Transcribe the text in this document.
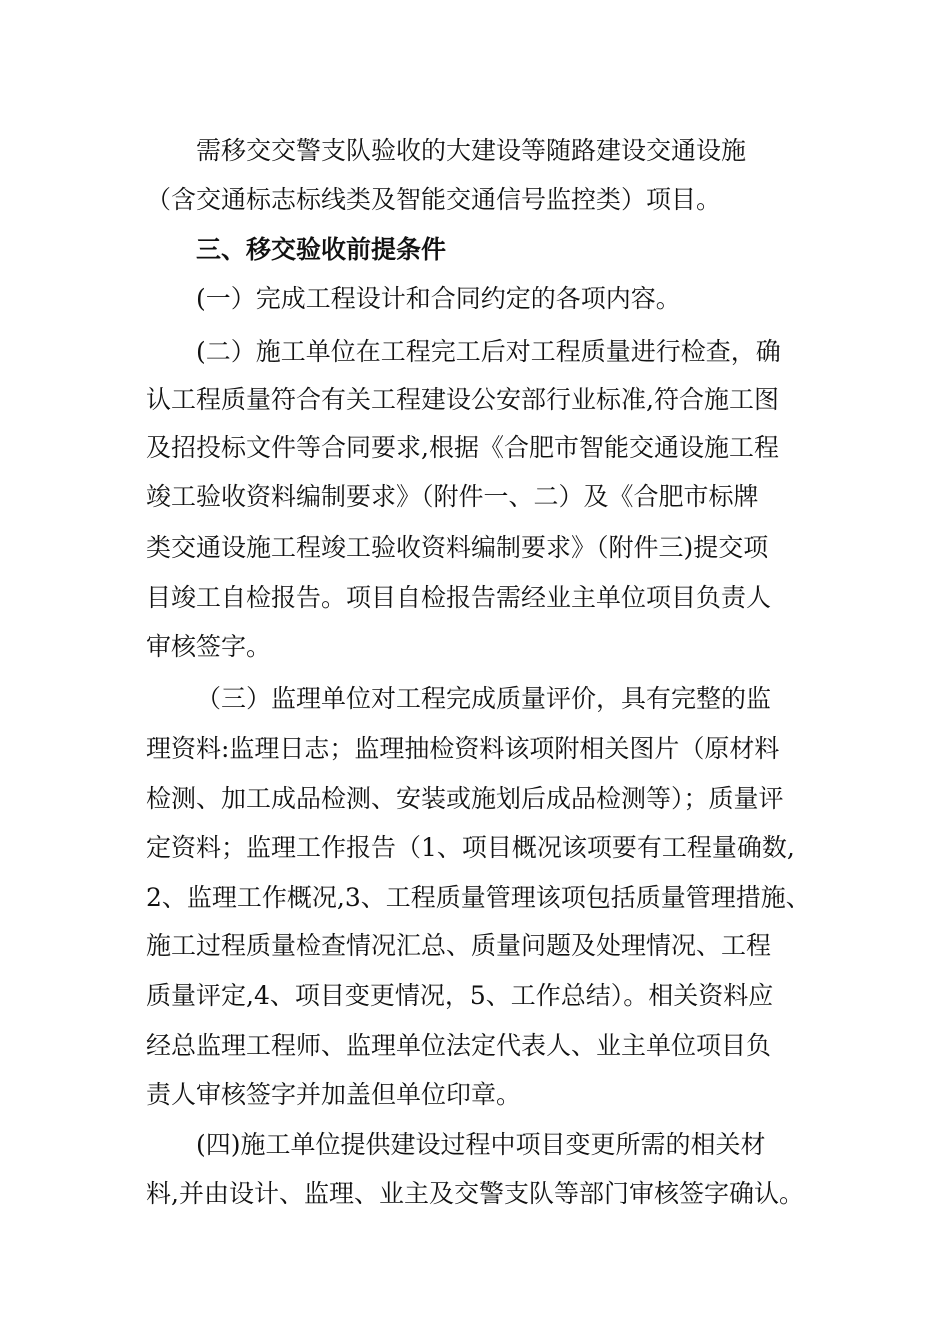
需移交交警支队验收的大建设等随路建设交通设施
（含交通标志标线类及智能交通信号监控类）项目。
三、移交验收前提条件
(一）完成工程设计和合同约定的各项内容。
(二）施工单位在工程完工后对工程质量进行检查，确
认工程质量符合有关工程建设公安部行业标准,符合施工图
及招投标文件等合同要求,根据《合肥市智能交通设施工程
竣工验收资料编制要求》（附件一、二）及《合肥市标牌
类交通设施工程竣工验收资料编制要求》（附件三)提交项
目竣工自检报告。项目自检报告需经业主单位项目负责人
审核签字。
（三）监理单位对工程完成质量评价，具有完整的监
理资料:监理日志；监理抽检资料该项附相关图片（原材料
检测、加工成品检测、安装或施划后成品检测等）；质量评
定资料；监理工作报告（1、项目概况该项要有工程量确数,
2、监理工作概况,3、工程质量管理该项包括质量管理措施、
施工过程质量检查情况汇总、质量问题及处理情况、工程
质量评定,4、项目变更情况，5、工作总结）。相关资料应
经总监理工程师、监理单位法定代表人、业主单位项目负
责人审核签字并加盖但单位印章。
(四)施工单位提供建设过程中项目变更所需的相关材
料,并由设计、监理、业主及交警支队等部门审核签字确认。
